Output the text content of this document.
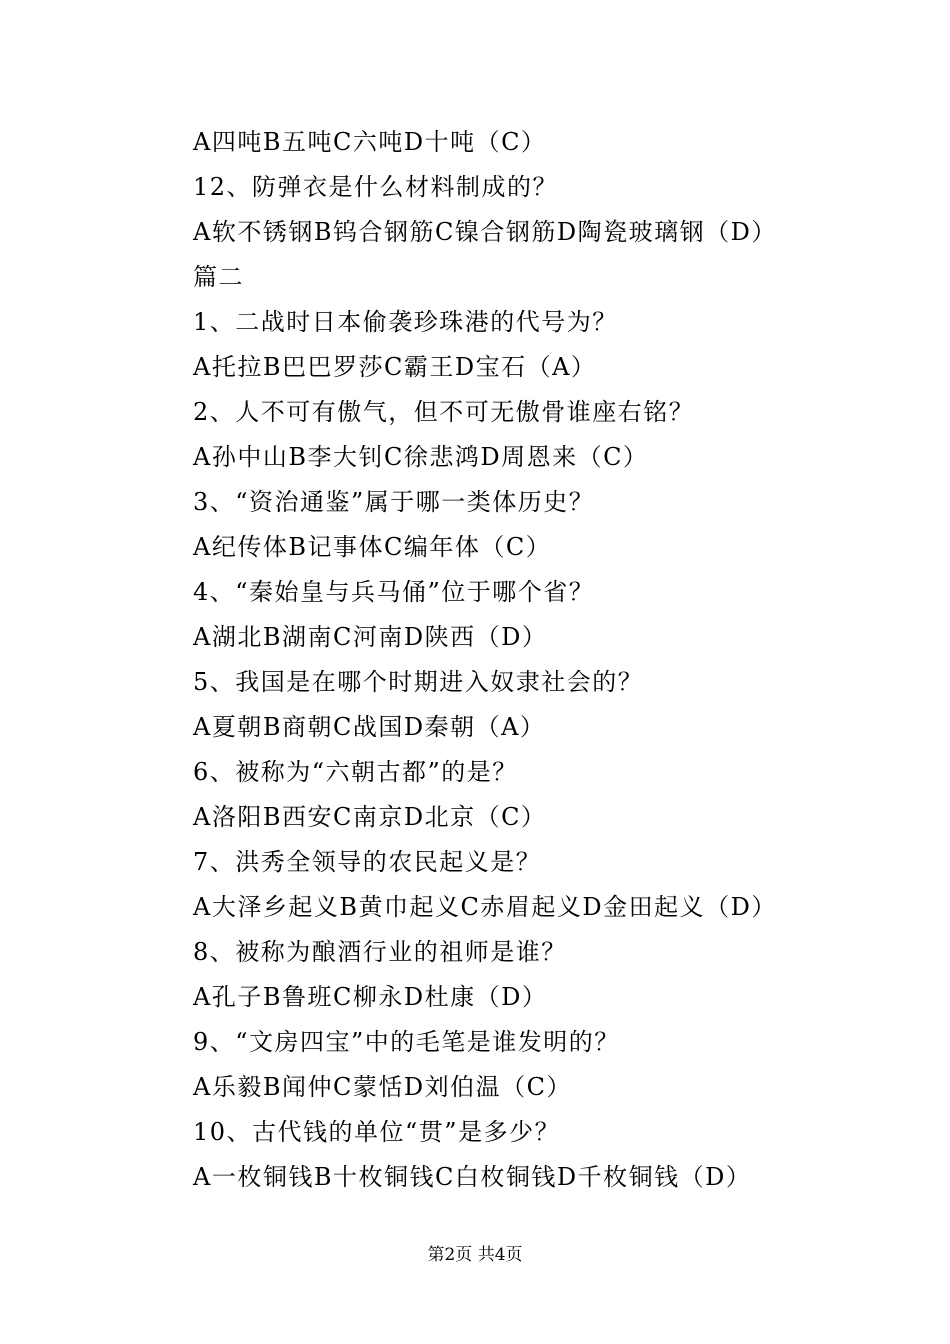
A四吨B五吨C六吨D十吨（C）
12、防弹衣是什么材料制成的？
A软不锈钢B钨合钢筋C镍合钢筋D陶瓷玻璃钢（D）
篇二
1、二战时日本偷袭珍珠港的代号为？
A托拉B巴巴罗莎C霸王D宝石（A）
2、人不可有傲气，但不可无傲骨谁座右铭？
A孙中山B李大钊C徐悲鸿D周恩来（C）
3、“资治通鉴”属于哪一类体历史？
A纪传体B记事体C编年体（C）
4、“秦始皇与兵马俑”位于哪个省？
A湖北B湖南C河南D陕西（D）
5、我国是在哪个时期进入奴隶社会的？
A夏朝B商朝C战国D秦朝（A）
6、被称为“六朝古都”的是？
A洛阳B西安C南京D北京（C）
7、洪秀全领导的农民起义是？
A大泽乡起义B黄巾起义C赤眉起义D金田起义（D）
8、被称为酿酒行业的祖师是谁？
A孔子B鲁班C柳永D杜康（D）
9、“文房四宝”中的毛笔是谁发明的？
A乐毅B闻仲C蒙恬D刘伯温（C）
10、古代钱的单位“贯”是多少？
A一枚铜钱B十枚铜钱C白枚铜钱D千枚铜钱（D）
第2页 共4页
